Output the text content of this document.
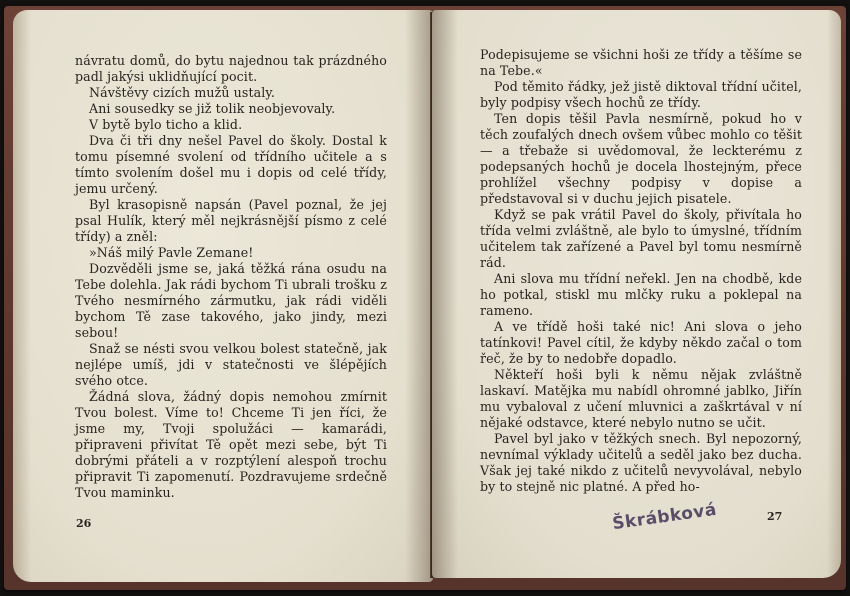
návratu domů, do bytu najednou tak prázdného padl jakýsi uklidňující pocit.

Návštěvy cizích mužů ustaly.

Ani sousedky se již tolik neobjevovaly.

V bytě bylo ticho a klid.

Dva či tři dny nešel Pavel do školy. Dostal k tomu písemné svolení od třídního učitele a s tímto svolením došel mu i dopis od celé třídy, jemu určený.

Byl krasopisně napsán (Pavel poznal, že jej psal Hulík, který měl nejkrásnější písmo z celé třídy) a zněl:

»Náš milý Pavle Zemane!

Dozvěděli jsme se, jaká těžká rána osudu na Tebe dolehla. Jak rádi bychom Ti ubrali trošku z Tvého nesmírného zármutku, jak rádi viděli bychom Tě zase takového, jako jindy, mezi sebou!

Snaž se nésti svou velkou bolest statečně, jak nejlépe umíš, jdi v statečnosti ve šlépějích svého otce.

Žádná slova, žádný dopis nemohou zmírnit Tvou bolest. Víme to! Chceme Ti jen říci, že jsme my, Tvoji spolužáci — kamarádi, připraveni přivítat Tě opět mezi sebe, být Ti dobrými přáteli a v rozptýlení alespoň trochu připravit Ti zapomenutí. Pozdravujeme srdečně Tvou maminku.

26

Podepisujeme se všichni hoši ze třídy a těšíme se na Tebe.«

Pod těmito řádky, jež jistě diktoval třídní učitel, byly podpisy všech hochů ze třídy.

Ten dopis těšil Pavla nesmírně, pokud ho v těch zoufalých dnech ovšem vůbec mohlo co těšit — a třebaže si uvědomoval, že leckterému z podepsaných hochů je docela lhostejným, přece prohlížel všechny podpisy v dopise a představoval si v duchu jejich pisatele.

Když se pak vrátil Pavel do školy, přivítala ho třída velmi zvláštně, ale bylo to úmyslné, třídním učitelem tak zařízené a Pavel byl tomu nesmírně rád.

Ani slova mu třídní neřekl. Jen na chodbě, kde ho potkal, stiskl mu mlčky ruku a poklepal na rameno.

A ve třídě hoši také nic! Ani slova o jeho tatínkovi! Pavel cítil, že kdyby někdo začal o tom řeč, že by to nedobře dopadlo.

Někteří hoši byli k němu nějak zvláštně laskaví. Matějka mu nabídl ohromné jablko, Jiřín mu vybaloval z učení mluvnici a zaškrtával v ní nějaké odstavce, které nebylo nutno se učit.

Pavel byl jako v těžkých snech. Byl nepozorný, nevnímal výklady učitelů a seděl jako bez ducha. Však jej také nikdo z učitelů nevyvolával, nebylo by to stejně nic platné. A před ho-

Škrábková	27
